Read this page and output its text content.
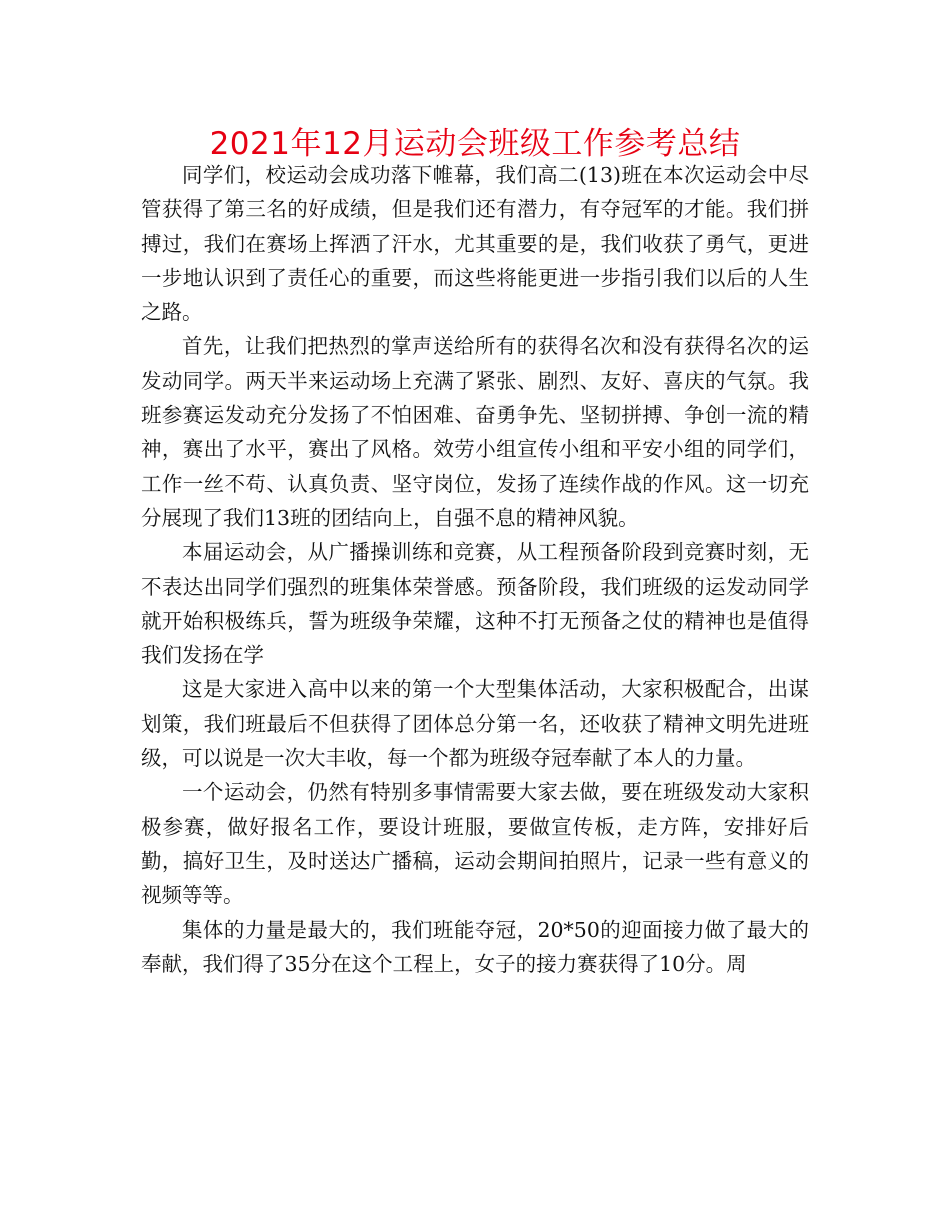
2021年12月运动会班级工作参考总结

同学们，校运动会成功落下帷幕，我们高二(13)班在本次运动会中尽管获得了第三名的好成绩，但是我们还有潜力，有夺冠军的才能。我们拼搏过，我们在赛场上挥洒了汗水，尤其重要的是，我们收获了勇气，更进一步地认识到了责任心的重要，而这些将能更进一步指引我们以后的人生之路。

首先，让我们把热烈的掌声送给所有的获得名次和没有获得名次的运发动同学。两天半来运动场上充满了紧张、剧烈、友好、喜庆的气氛。我班参赛运发动充分发扬了不怕困难、奋勇争先、坚韧拼搏、争创一流的精神，赛出了水平，赛出了风格。效劳小组宣传小组和平安小组的同学们，工作一丝不苟、认真负责、坚守岗位，发扬了连续作战的作风。这一切充分展现了我们13班的团结向上，自强不息的精神风貌。

本届运动会，从广播操训练和竞赛，从工程预备阶段到竞赛时刻，无不表达出同学们强烈的班集体荣誉感。预备阶段，我们班级的运发动同学就开始积极练兵，誓为班级争荣耀，这种不打无预备之仗的精神也是值得我们发扬在学

这是大家进入高中以来的第一个大型集体活动，大家积极配合，出谋划策，我们班最后不但获得了团体总分第一名，还收获了精神文明先进班级，可以说是一次大丰收，每一个都为班级夺冠奉献了本人的力量。

一个运动会，仍然有特别多事情需要大家去做，要在班级发动大家积极参赛，做好报名工作，要设计班服，要做宣传板，走方阵，安排好后勤，搞好卫生，及时送达广播稿，运动会期间拍照片，记录一些有意义的视频等等。

集体的力量是最大的，我们班能夺冠，20*50的迎面接力做了最大的奉献，我们得了35分在这个工程上，女子的接力赛获得了10分。周
